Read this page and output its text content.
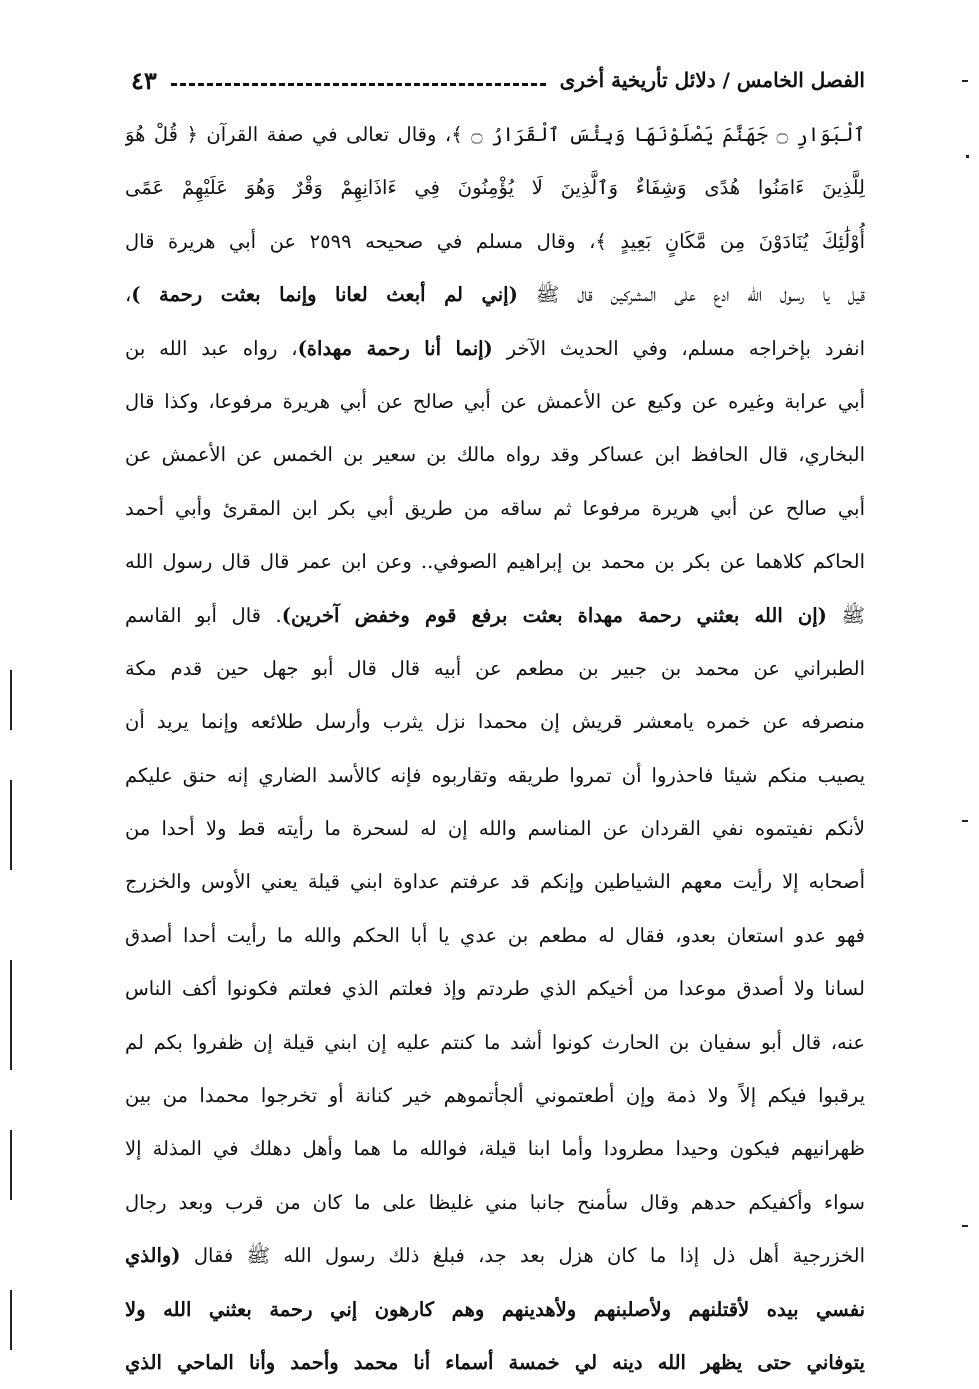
الفصل الخامس / دلائل تأريخية أخرى
٤٣
ٱلْبَوَارِ ۝ جَهَنَّمَ يَصْلَوْنَهَا وَبِئْسَ ٱلْقَرَارُ ۝ ﴾، وقال تعالى في صفة القرآن ﴿ قُلْ هُوَ
لِلَّذِينَ ءَامَنُوا هُدًى وَشِفَاءٌ وَٱلَّذِينَ لَا يُؤْمِنُونَ فِي ءَاذَانِهِمْ وَقْرٌ وَهُوَ عَلَيْهِمْ عَمًى
أُوْلَٰئِكَ يُنَادَوْنَ مِن مَّكَانٍ بَعِيدٍ ﴾، وقال مسلم في صحيحه ٢٥٩٩ عن أبي هريرة قال
قيل يا رسول الله ادع على المشركين قال ﷺ (إني لم أبعث لعانا وإنما بعثت رحمة )،
انفرد بإخراجه مسلم، وفي الحديث الآخر (إنما أنا رحمة مهداة)، رواه عبد الله بن
أبي عرابة وغيره عن وكيع عن الأعمش عن أبي صالح عن أبي هريرة مرفوعا، وكذا قال
البخاري، قال الحافظ ابن عساكر وقد رواه مالك بن سعير بن الخمس عن الأعمش عن
أبي صالح عن أبي هريرة مرفوعا ثم ساقه من طريق أبي بكر ابن المقرئ وأبي أحمد
الحاكم كلاهما عن بكر بن محمد بن إبراهيم الصوفي.. وعن ابن عمر قال قال رسول الله
ﷺ (إن الله بعثني رحمة مهداة بعثت برفع قوم وخفض آخرين). قال أبو القاسم
الطبراني عن محمد بن جبير بن مطعم عن أبيه قال قال أبو جهل حين قدم مكة
منصرفه عن خمره يامعشر قريش إن محمدا نزل يثرب وأرسل طلائعه وإنما يريد أن
يصيب منكم شيئا فاحذروا أن تمروا طريقه وتقاربوه فإنه كالأسد الضاري إنه حنق عليكم
لأنكم نفيتموه نفي القردان عن المناسم والله إن له لسحرة ما رأيته قط ولا أحدا من
أصحابه إلا رأيت معهم الشياطين وإنكم قد عرفتم عداوة ابني قيلة يعني الأوس والخزرج
فهو عدو استعان بعدو، فقال له مطعم بن عدي يا أبا الحكم والله ما رأيت أحدا أصدق
لسانا ولا أصدق موعدا من أخيكم الذي طردتم وإذ فعلتم الذي فعلتم فكونوا أكف الناس
عنه، قال أبو سفيان بن الحارث كونوا أشد ما كنتم عليه إن ابني قيلة إن ظفروا بكم لم
يرقبوا فيكم إلاً ولا ذمة وإن أطعتموني ألجأتموهم خير كنانة أو تخرجوا محمدا من بين
ظهرانيهم فيكون وحيدا مطرودا وأما ابنا قيلة، فوالله ما هما وأهل دهلك في المذلة إلا
سواء وأكفيكم حدهم وقال سأمنح جانبا مني غليظا على ما كان من قرب وبعد رجال
الخزرجية أهل ذل إذا ما كان هزل بعد جد، فبلغ ذلك رسول الله ﷺ فقال (والذي
نفسي بيده لأقتلنهم ولأصلبنهم ولأهدينهم وهم كارهون إني رحمة بعثني الله ولا
يتوفاني حتى يظهر الله دينه لي خمسة أسماء أنا محمد وأحمد وأنا الماحي الذي
